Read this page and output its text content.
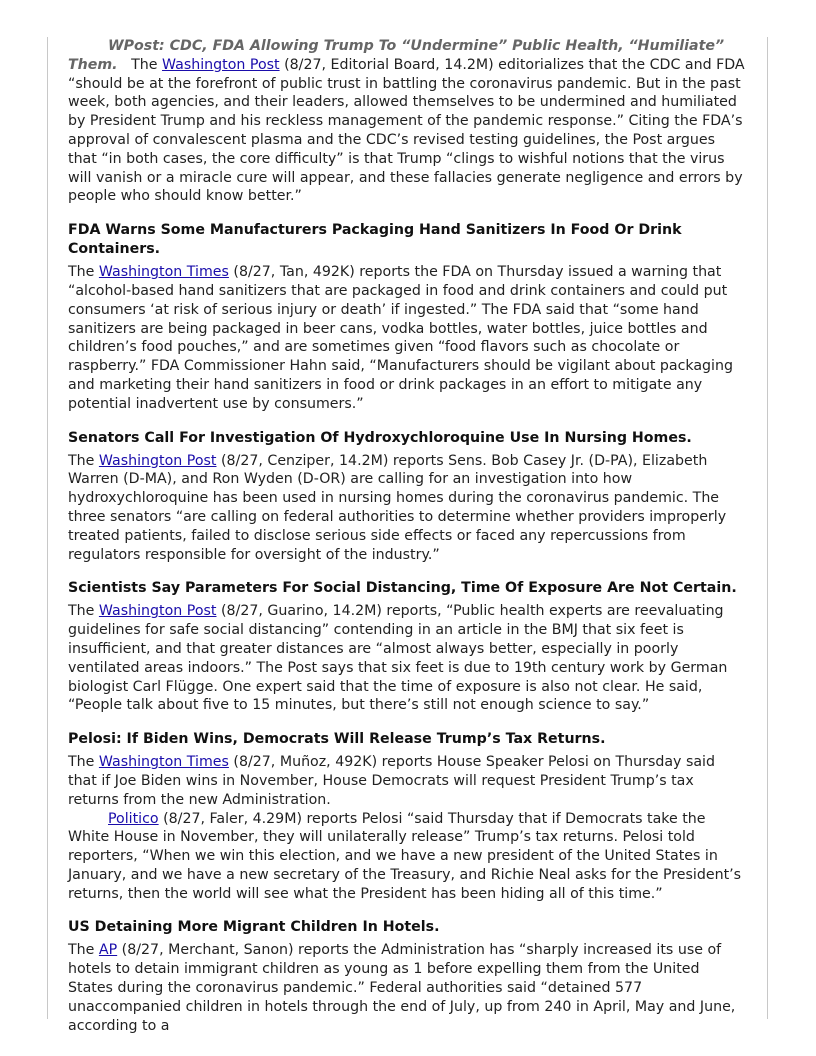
WPost: CDC, FDA Allowing Trump To “Undermine” Public Health, “Humiliate” Them. The Washington Post (8/27, Editorial Board, 14.2M) editorializes that the CDC and FDA “should be at the forefront of public trust in battling the coronavirus pandemic. But in the past week, both agencies, and their leaders, allowed themselves to be undermined and humiliated by President Trump and his reckless management of the pandemic response.” Citing the FDA’s approval of convalescent plasma and the CDC’s revised testing guidelines, the Post argues that “in both cases, the core difficulty” is that Trump “clings to wishful notions that the virus will vanish or a miracle cure will appear, and these fallacies generate negligence and errors by people who should know better.”

FDA Warns Some Manufacturers Packaging Hand Sanitizers In Food Or Drink Containers.

The Washington Times (8/27, Tan, 492K) reports the FDA on Thursday issued a warning that “alcohol-based hand sanitizers that are packaged in food and drink containers and could put consumers ‘at risk of serious injury or death’ if ingested.” The FDA said that “some hand sanitizers are being packaged in beer cans, vodka bottles, water bottles, juice bottles and children’s food pouches,” and are sometimes given “food flavors such as chocolate or raspberry.” FDA Commissioner Hahn said, “Manufacturers should be vigilant about packaging and marketing their hand sanitizers in food or drink packages in an effort to mitigate any potential inadvertent use by consumers.”

Senators Call For Investigation Of Hydroxychloroquine Use In Nursing Homes.

The Washington Post (8/27, Cenziper, 14.2M) reports Sens. Bob Casey Jr. (D-PA), Elizabeth Warren (D-MA), and Ron Wyden (D-OR) are calling for an investigation into how hydroxychloroquine has been used in nursing homes during the coronavirus pandemic. The three senators “are calling on federal authorities to determine whether providers improperly treated patients, failed to disclose serious side effects or faced any repercussions from regulators responsible for oversight of the industry.”

Scientists Say Parameters For Social Distancing, Time Of Exposure Are Not Certain.

The Washington Post (8/27, Guarino, 14.2M) reports, “Public health experts are reevaluating guidelines for safe social distancing” contending in an article in the BMJ that six feet is insufficient, and that greater distances are “almost always better, especially in poorly ventilated areas indoors.” The Post says that six feet is due to 19th century work by German biologist Carl Flügge. One expert said that the time of exposure is also not clear. He said, “People talk about five to 15 minutes, but there’s still not enough science to say.”

Pelosi: If Biden Wins, Democrats Will Release Trump’s Tax Returns.

The Washington Times (8/27, Muñoz, 492K) reports House Speaker Pelosi on Thursday said that if Joe Biden wins in November, House Democrats will request President Trump’s tax returns from the new Administration.

Politico (8/27, Faler, 4.29M) reports Pelosi “said Thursday that if Democrats take the White House in November, they will unilaterally release” Trump’s tax returns. Pelosi told reporters, “When we win this election, and we have a new president of the United States in January, and we have a new secretary of the Treasury, and Richie Neal asks for the President’s returns, then the world will see what the President has been hiding all of this time.”

US Detaining More Migrant Children In Hotels.

The AP (8/27, Merchant, Sanon) reports the Administration has “sharply increased its use of hotels to detain immigrant children as young as 1 before expelling them from the United States during the coronavirus pandemic.” Federal authorities said “detained 577 unaccompanied children in hotels through the end of July, up from 240 in April, May and June, according to a
